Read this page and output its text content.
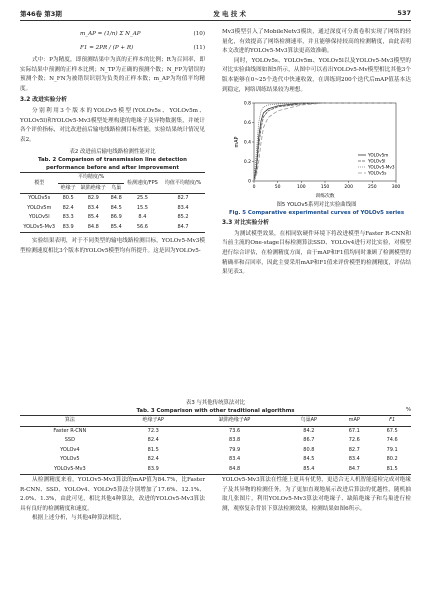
第46卷 第3期	发 电 技 术	537
m_AP = (1/n) Σ N_AP	(10)
F1 = 2PR / (P + R)	(11)

式中：P为精度，即预测结果中为真的正样本的比例；R为召回率，即实际结果中预测的正样本比例；N_TP为正确的预测个数；N_FP为错误的预测个数；N_FN为被错误识别为负类的正样本数；m_AP为均值平均精度。

3.2 改进实验分析

分别利用3个版本的YOLOv5模型(YOLOv5s、YOLOv5m、YOLOv5l)和YOLOv5-Mv3模型处理构建的绝缘子及异物数据集，并统计各个评价指标，对比改进前后输电线路检测目标性能，实验结果统计情况见表2。

表2 改进前后输电线路检测性能对比
Tab. 2 Comparison of transmission line detection performance before and after improvement
模型	平均精度/%			检测速度/FPS	均值平均精度/%
	绝缘子	缺陷绝缘子	鸟巢		
YOLOv5s	80.5	82.9	84.8	25.5	82.7
YOLOv5m	82.4	83.4	84.5	15.5	83.4
YOLOv5l	83.3	85.4	86.9	8.4	85.2
YOLOv5-Mv3	83.9	84.8	85.4	56.6	84.7

实验结果表明，对于不同类型的输电线路检测目标，YOLOv5-Mv3模型检测速度相比3个版本的YOLOv5模型均有所提升。这是因为YOLOv5-

Mv3模型引入了MobileNetv3模块，通过深度可分离卷积实现了网络的轻量化，有效提高了网络检测速率，并且能够保持较高的检测精度，由此表明本文改进的YOLOv5-Mv3算法更高效准确。

同时，YOLOv5s、YOLOv5m、YOLOv5l以及YOLOv5-Mv3模型的对比实验曲线图如图5所示，从图中可以看出YOLOv5-Mv模型相比其他3个版本能够在0~25个迭代中快速收敛，在训练到200个迭代后mAP值基本达到稳定，网络训练结果较为理想。

0	50	100	150	200	250	300
0
0.2
0.4
0.6
0.8
训练次数
mAP
YOLOv5m
YOLOv5l
YOLOv5-Mv3
YOLOv5s
图5 YOLOv5系列对比实验曲线图
Fig. 5 Comparative experimental curves of YOLOv5 series
3.3 对比实验分析

为测试模型效果，在相同软硬件环境下将改进模型与Faster R-CNN和当前主流的One-stage目标检测算法SSD、YOLOv4进行对比实验，对模型进行综合评估，在检测精度方面，由于mAP和F1值均同时兼顾了检测模型的精确率和召回率，因此主要采用mAP和F1值来评价模型的检测精度，评估结果见表3。

表3 与其他传统算法对比
Tab. 3 Comparison with other traditional algorithms	%
算法	绝缘子AP	缺陷绝缘子AP	鸟巢AP	mAP	F1
Faster R-CNN	72.3	73.6	84.2	67.1	67.5
SSD	82.4	83.8	86.7	72.6	74.6
YOLOv4	81.5	79.9	80.8	82.7	79.1
YOLOv5	82.4	83.4	84.5	83.4	80.2
YOLOv5-Mv3	83.9	84.8	85.4	84.7	81.5

从检测精度来看，YOLOv5-Mv3算法的mAP值为84.7%，比Faster R-CNN、SSD、YOLOv4、YOLOv5算法分别增加了17.6%、12.1%、2.0%、1.3%，由此可见，相比其他4种算法，改进的YOLOv5-Mv3算法具有良好的检测精度和速度。

根据上述分析，与其他4种算法相比，

YOLOv5-Mv3算法在性能上更具有优势，更适合无人机智能巡检完成对绝缘子及其异物的检测任务。为了更加直观地展示改进后算法的优越性，随机抽取几张图片，利用YOLOv5-Mv3算法对绝缘子、缺陷绝缘子和鸟巢进行检测，观察复杂背景下算法检测效果，检测结果如图6所示。
